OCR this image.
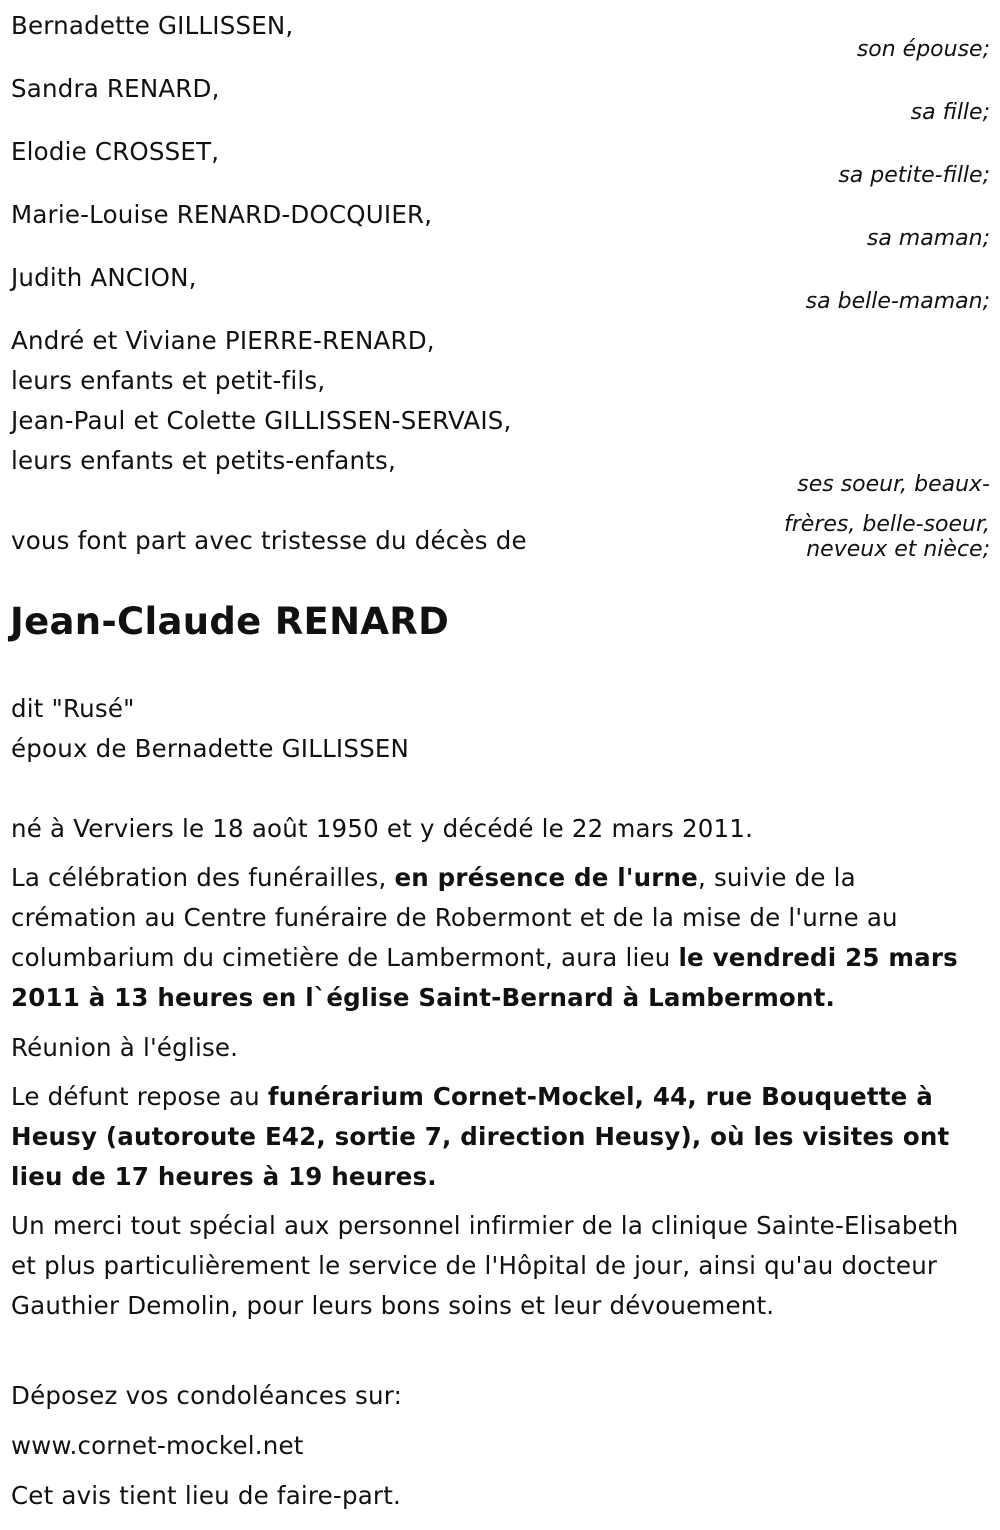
Bernadette GILLISSEN,
son épouse;
Sandra RENARD,
sa fille;
Elodie CROSSET,
sa petite-fille;
Marie-Louise RENARD-DOCQUIER,
sa maman;
Judith ANCION,
sa belle-maman;
André et Viviane PIERRE-RENARD,
leurs enfants et petit-fils,
Jean-Paul et Colette GILLISSEN-SERVAIS,
leurs enfants et petits-enfants,
ses soeur, beaux-
frères, belle-soeur,
neveux et nièce;
vous font part avec tristesse du décès de
Jean-Claude RENARD
dit "Rusé"
époux de Bernadette GILLISSEN
né à Verviers le 18 août 1950 et y décédé le 22 mars 2011.
La célébration des funérailles, en présence de l'urne, suivie de la crémation au Centre funéraire de Robermont et de la mise de l'urne au columbarium du cimetière de Lambermont, aura lieu le vendredi 25 mars 2011 à 13 heures en l`église Saint-Bernard à Lambermont.
Réunion à l'église.
Le défunt repose au funérarium Cornet-Mockel, 44, rue Bouquette à Heusy (autoroute E42, sortie 7, direction Heusy), où les visites ont lieu de 17 heures à 19 heures.
Un merci tout spécial aux personnel infirmier de la clinique Sainte-Elisabeth et plus particulièrement le service de l'Hôpital de jour, ainsi qu'au docteur Gauthier Demolin, pour leurs bons soins et leur dévouement.
Déposez vos condoléances sur:
www.cornet-mockel.net
Cet avis tient lieu de faire-part.
